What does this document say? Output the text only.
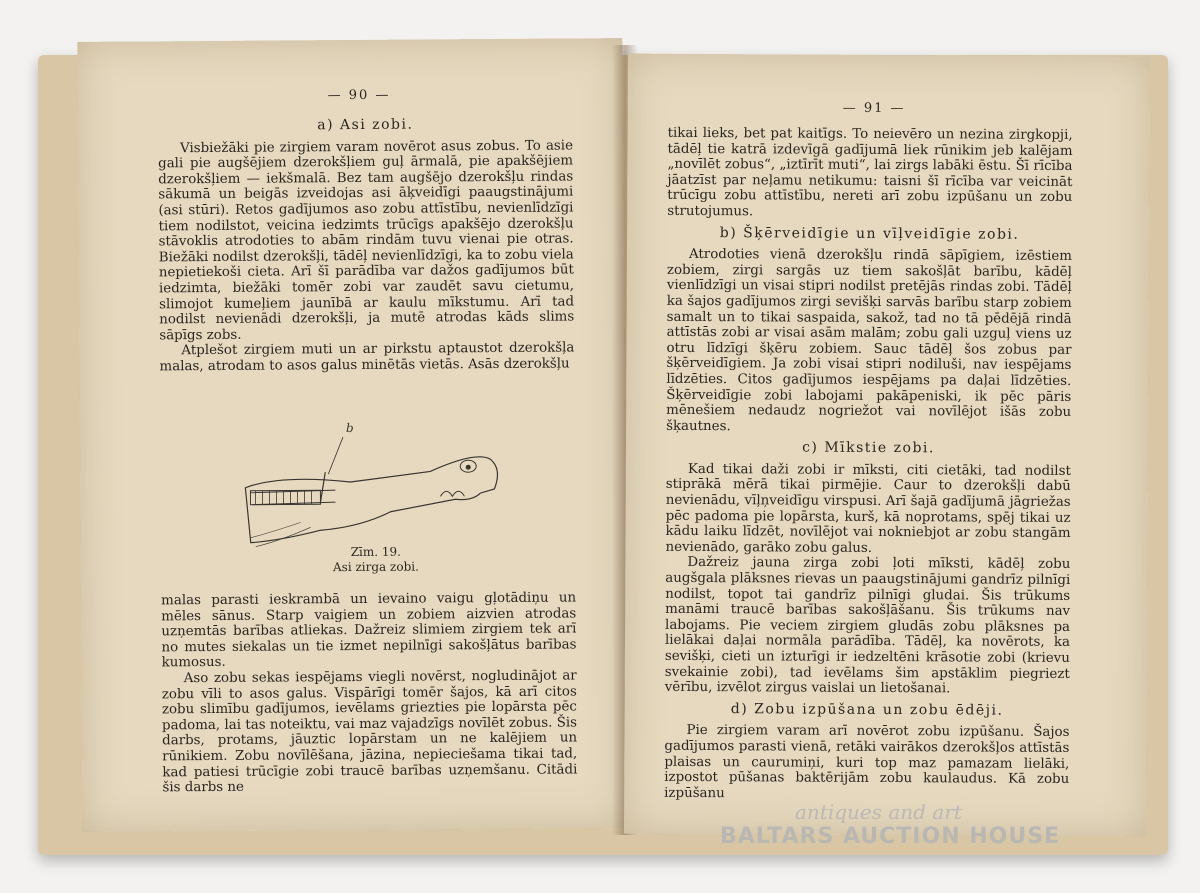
— 90 —
a) Asi zobi.

Visbiežāki pie zirgiem varam novērot asus zobus. To asie gali pie augšējiem dzerokšļiem guļ ārmalā, pie apakšējiem dzerokšļiem — iekšmalā. Bez tam augšējo dzerokšļu rindas sākumā un beigās izveidojas asi āķveidīgi paaugstinājumi (asi stūri). Retos gadījumos aso zobu attīstību, nevienlīdzīgi tiem nodilstot, veicina iedzimts trūcīgs apakšējo dzerokšļu stāvoklis atrodoties to abām rindām tuvu vienai pie otras. Biežāki nodilst dzerokšļi, tādēļ nevienlīdzīgi, ka to zobu viela nepietiekoši cieta. Arī šī parādība var dažos gadījumos būt iedzimta, biežāki tomēr zobi var zaudēt savu cietumu, slimojot kumeļiem jaunībā ar kaulu mīkstumu. Arī tad nodilst nevienādi dzerokšļi, ja mutē atrodas kāds slims sāpīgs zobs.

Atplešot zirgiem muti un ar pirkstu aptaustot dzerokšļa malas, atrodam to asos galus minētās vietās. Asās dzerokšļu

b
Zīm. 19.
Asi zirga zobi.

malas parasti ieskrambā un ievaino vaigu gļotādiņu un mēles sānus. Starp vaigiem un zobiem aizvien atrodas uzņemtās barības atliekas. Dažreiz slimiem zirgiem tek arī no mutes siekalas un tie izmet nepilnīgi sakošļātus barības kumosus.

Aso zobu sekas iespējams viegli novērst, nogludinājot ar zobu vīli to asos galus. Vispārīgi tomēr šajos, kā arī citos zobu slimību gadījumos, ievēlams griezties pie lopārsta pēc padoma, lai tas noteiktu, vai maz vajadzīgs novīlēt zobus. Šis darbs, protams, jāuztic lopārstam un ne kalējiem un rūnikiem. Zobu novīlēšana, jāzina, nepieciešama tikai tad, kad patiesi trūcīgie zobi traucē barības uzņemšanu. Citādi šis darbs ne

— 91 —

tikai lieks, bet pat kaitīgs. To neievēro un nezina zirgkopji, tādēļ tie katrā izdevīgā gadījumā liek rūnikim jeb kalējam „novīlēt zobus“, „iztīrīt muti“, lai zirgs labāki ēstu. Šī rīcība jāatzīst par neļamu netikumu: taisni šī rīcība var veicināt trūcīgu zobu attīstību, nereti arī zobu izpūšanu un zobu strutojumus.

b) Šķērveidīgie un vīļveidīgie zobi.

Atrodoties vienā dzerokšļu rindā sāpīgiem, izēstiem zobiem, zirgi sargās uz tiem sakošļāt barību, kādēļ vienlīdzīgi un visai stipri nodilst pretējās rindas zobi. Tādēļ ka šajos gadījumos zirgi sevišķi sarvās barību starp zobiem samalt un to tikai saspaida, sakož, tad no tā pēdējā rindā attīstās zobi ar visai asām malām; zobu gali uzguļ viens uz otru līdzīgi šķēru zobiem. Sauc tādēļ šos zobus par šķērveidīgiem. Ja zobi visai stipri nodiluši, nav iespējams līdzēties. Citos gadījumos iespējams pa daļai līdzēties. Šķērveidīgie zobi labojami pakāpeniski, ik pēc pāris mēnešiem nedaudz nogriežot vai novīlējot išās zobu šķautnes.

c) Mīkstie zobi.

Kad tikai daži zobi ir mīksti, citi cietāki, tad nodilst stiprākā mērā tikai pirmējie. Caur to dzerokšļi dabū nevienādu, vīļņveidīgu virspusi. Arī šajā gadījumā jāgriežas pēc padoma pie lopārsta, kurš, kā noprotams, spēj tikai uz kādu laiku līdzēt, novīlējot vai nokniebjot ar zobu stangām nevienādo, garāko zobu galus.

Dažreiz jauna zirga zobi ļoti mīksti, kādēļ zobu augšgala plāksnes rievas un paaugstinājumi gandrīz pilnīgi nodilst, topot tai gandrīz pilnīgi gludai. Šis trūkums manāmi traucē barības sakošļāšanu. Šis trūkums nav labojams. Pie veciem zirgiem gludās zobu plāksnes pa lielākai daļai normāla parādība. Tādēļ, ka novērots, ka sevišķi, cieti un izturīgi ir iedzeltēni krāsotie zobi (krievu svekainie zobi), tad ievēlams šim apstāklim piegriezt vērību, izvēlot zirgus vaislai un lietošanai.

d) Zobu izpūšana un zobu ēdēji.

Pie zirgiem varam arī novērot zobu izpūšanu. Šajos gadījumos parasti vienā, retāki vairākos dzerokšļos attīstās plaisas un caurumiņi, kuri top maz pamazam lielāki, izpostot pūšanas baktērijām zobu kaulaudus. Kā zobu izpūšanu

antiques and art
BALTARS AUCTION HOUSE
